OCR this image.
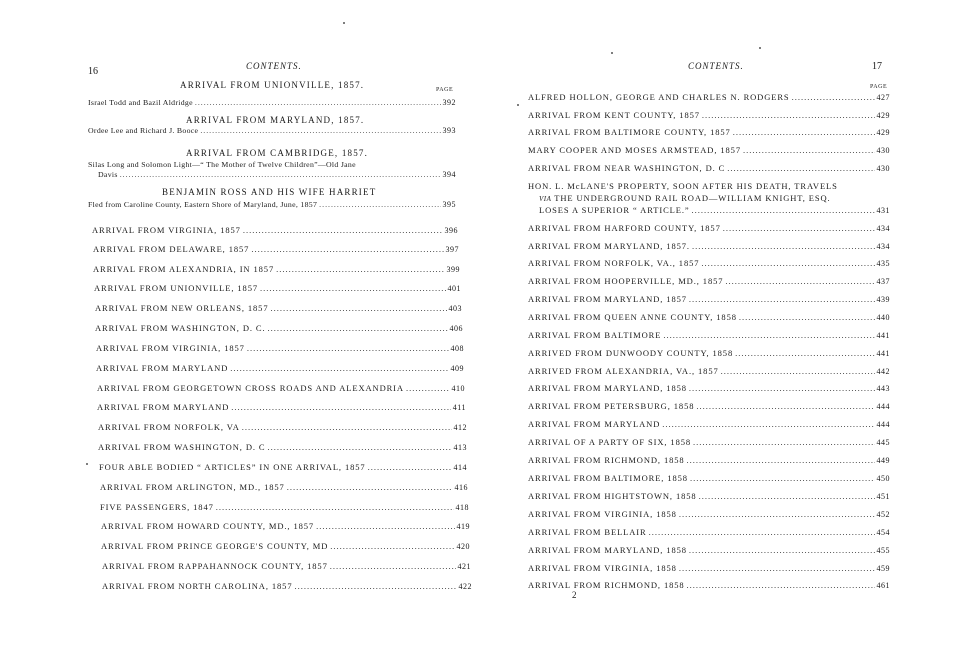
16	CONTENTS.
PAGE
ARRIVAL FROM UNIONVILLE, 1857.
Israel Todd and Bazil Aldridge .....	392
ARRIVAL FROM MARYLAND, 1857.
Ordee Lee and Richard J. Booce .....	393
ARRIVAL FROM CAMBRIDGE, 1857.
Silas Long and Solomon Light—“ The Mother of Twelve Children”—Old Jane
Davis .....	394
BENJAMIN ROSS AND HIS WIFE HARRIET
Fled from Caroline County, Eastern Shore of Maryland, June, 1857 .....	395
ARRIVAL FROM VIRGINIA, 1857 .....	396
ARRIVAL FROM DELAWARE, 1857 .....	397
ARRIVAL FROM ALEXANDRIA, IN 1857 .....	399
ARRIVAL FROM UNIONVILLE, 1857 .....	401
ARRIVAL FROM NEW ORLEANS, 1857 .....	403
ARRIVAL FROM WASHINGTON, D. C. .....	406
ARRIVAL FROM VIRGINIA, 1857 .....	408
ARRIVAL FROM MARYLAND .....	409
ARRIVAL FROM GEORGETOWN CROSS ROADS AND ALEXANDRIA .....	410
ARRIVAL FROM MARYLAND .....	411
ARRIVAL FROM NORFOLK, VA .....	412
ARRIVAL FROM WASHINGTON, D. C .....	413
FOUR ABLE BODIED “ ARTICLES” IN ONE ARRIVAL, 1857 .....	414
ARRIVAL FROM ARLINGTON, MD., 1857 .....	416
FIVE PASSENGERS, 1847 .....	418
ARRIVAL FROM HOWARD COUNTY, MD., 1857 .....	419
ARRIVAL FROM PRINCE GEORGE'S COUNTY, MD .....	420
ARRIVAL FROM RAPPAHANNOCK COUNTY, 1857 .....	421
ARRIVAL FROM NORTH CAROLINA, 1857 .....	422
CONTENTS.	17
PAGE
ALFRED HOLLON, GEORGE AND CHARLES N. RODGERS .....	427
ARRIVAL FROM KENT COUNTY, 1857 .....	429
ARRIVAL FROM BALTIMORE COUNTY, 1857 .....	429
MARY COOPER AND MOSES ARMSTEAD, 1857 .....	430
ARRIVAL FROM NEAR WASHINGTON, D. C .....	430
HON. L. McLANE'S PROPERTY, SOON AFTER HIS DEATH, TRAVELS
VIA THE UNDERGROUND RAIL ROAD—WILLIAM KNIGHT, ESQ.
LOSES A SUPERIOR “ ARTICLE.” .....	431
ARRIVAL FROM HARFORD COUNTY, 1857 .....	434
ARRIVAL FROM MARYLAND, 1857. .....	434
ARRIVAL FROM NORFOLK, VA., 1857 .....	435
ARRIVAL FROM HOOPERVILLE, MD., 1857 .....	437
ARRIVAL FROM MARYLAND, 1857 .....	439
ARRIVAL FROM QUEEN ANNE COUNTY, 1858 .....	440
ARRIVAL FROM BALTIMORE .....	441
ARRIVED FROM DUNWOODY COUNTY, 1858 .....	441
ARRIVED FROM ALEXANDRIA, VA., 1857 .....	442
ARRIVAL FROM MARYLAND, 1858 .....	443
ARRIVAL FROM PETERSBURG, 1858 .....	444
ARRIVAL FROM MARYLAND .....	444
ARRIVAL OF A PARTY OF SIX, 1858 .....	445
ARRIVAL FROM RICHMOND, 1858 .....	449
ARRIVAL FROM BALTIMORE, 1858 .....	450
ARRIVAL FROM HIGHTSTOWN, 1858 .....	451
ARRIVAL FROM VIRGINIA, 1858 .....	452
ARRIVAL FROM BELLAIR .....	454
ARRIVAL FROM MARYLAND, 1858 .....	455
ARRIVAL FROM VIRGINIA, 1858 .....	459
ARRIVAL FROM RICHMOND, 1858 .....	461
2
